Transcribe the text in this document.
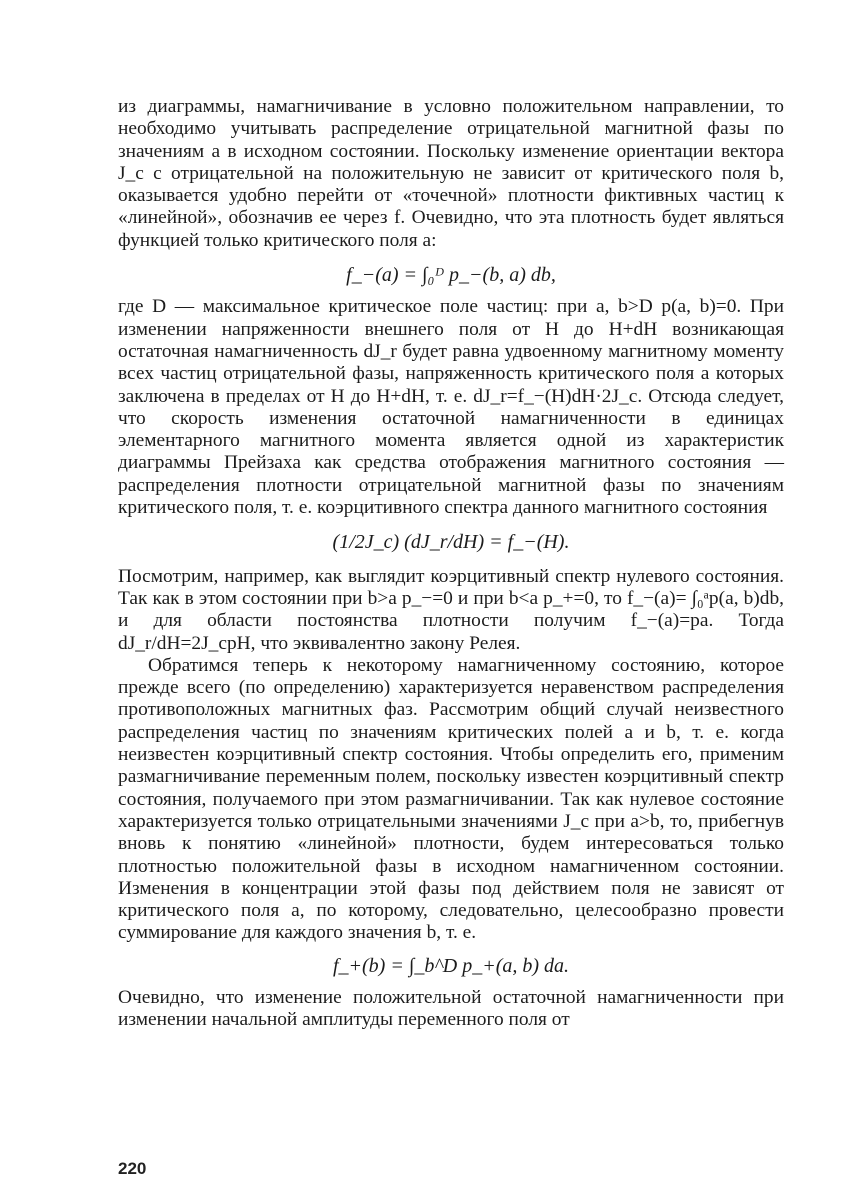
из диаграммы, намагничивание в условно положительном направлении, то необходимо учитывать распределение отрицательной магнитной фазы по значениям a в исходном состоянии. Поскольку изменение ориентации вектора J_c с отрицательной на положительную не зависит от критического поля b, оказывается удобно перейти от «точечной» плотности фиктивных частиц к «линейной», обозначив ее через f. Очевидно, что эта плотность будет являться функцией только критического поля a:

f_−(a) = ∫₀ᴰ p_−(b, a) db,

где D — максимальное критическое поле частиц: при a, b>D p(a, b)=0. При изменении напряженности внешнего поля от H до H+dH возникающая остаточная намагниченность dJ_r будет равна удвоенному магнитному моменту всех частиц отрицательной фазы, напряженность критического поля a которых заключена в пределах от H до H+dH, т. е. dJ_r=f_−(H)dH·2J_c. Отсюда следует, что скорость изменения остаточной намагниченности в единицах элементарного магнитного момента является одной из характеристик диаграммы Прейзаха как средства отображения магнитного состояния — распределения плотности отрицательной магнитной фазы по значениям критического поля, т. е. коэрцитивного спектра данного магнитного состояния

(1/2J_c) (dJ_r/dH) = f_−(H).

Посмотрим, например, как выглядит коэрцитивный спектр нулевого состояния. Так как в этом состоянии при b>a p_−=0 и при b<a p_+=0, то f_−(a)= ∫₀ᵃp(a, b)db, и для области постоянства плотности получим f_−(a)=pa. Тогда dJ_r/dH=2J_cpH, что эквивалентно закону Релея.

Обратимся теперь к некоторому намагниченному состоянию, которое прежде всего (по определению) характеризуется неравенством распределения противоположных магнитных фаз. Рассмотрим общий случай неизвестного распределения частиц по значениям критических полей a и b, т. е. когда неизвестен коэрцитивный спектр состояния. Чтобы определить его, применим размагничивание переменным полем, поскольку известен коэрцитивный спектр состояния, получаемого при этом размагничивании. Так как нулевое состояние характеризуется только отрицательными значениями J_c при a>b, то, прибегнув вновь к понятию «линейной» плотности, будем интересоваться только плотностью положительной фазы в исходном намагниченном состоянии. Изменения в концентрации этой фазы под действием поля не зависят от критического поля a, по которому, следовательно, целесообразно провести суммирование для каждого значения b, т. е.

f_+(b) = ∫_b^D p_+(a, b) da.

Очевидно, что изменение положительной остаточной намагниченности при изменении начальной амплитуды переменного поля от

220
